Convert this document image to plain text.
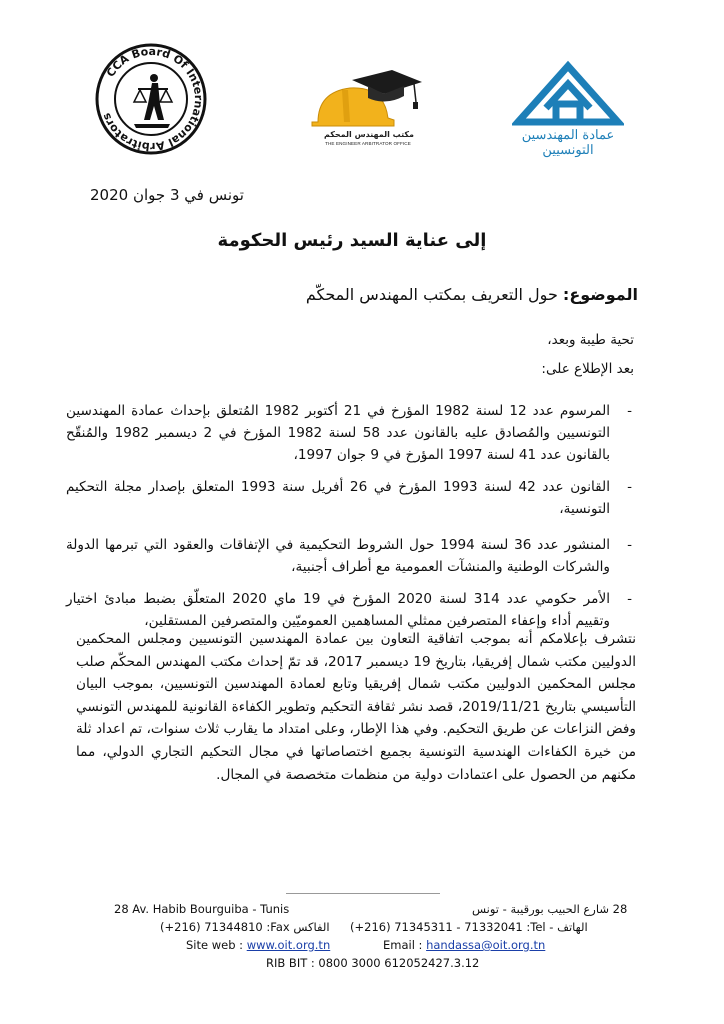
CCA Board Of International Arbitrators
مكتب المهندس المحكم
THE ENGINEER ARBITRATOR OFFICE
عمادة المهندسين التونسيين
تونس في 3 جوان 2020
إلى عناية السيد رئيس الحكومة
الموضوع: حول التعريف بمكتب المهندس المحكّم
تحية طيبة وبعد،
بعد الإطلاع على:
-
المرسوم عدد 12 لسنة 1982 المؤرخ في 21 أكتوبر 1982 المُتعلق بإحداث عمادة المهندسين التونسيين والمُصادق عليه بالقانون عدد 58 لسنة 1982 المؤرخ في 2 ديسمبر 1982 والمُنقّح بالقانون عدد 41 لسنة 1997 المؤرخ في 9 جوان 1997،
-
القانون عدد 42 لسنة 1993 المؤرخ في 26 أفريل سنة 1993 المتعلق بإصدار مجلة التحكيم التونسية،
-
المنشور عدد 36 لسنة 1994 حول الشروط التحكيمية في الإتفاقات والعقود التي تبرمها الدولة والشركات الوطنية والمنشآت العمومية مع أطراف أجنبية،
-
الأمر حكومي عدد 314 لسنة 2020 المؤرخ في 19 ماي 2020 المتعلّق بضبط مبادئ اختيار وتقييم أداء وإعفاء المتصرفين ممثلي المساهمين العموميّين والمتصرفين المستقلين،
نتشرف بإعلامكم أنه بموجب اتفاقية التعاون بين عمادة المهندسين التونسيين ومجلس المحكمين الدوليين مكتب شمال إفريقيا، بتاريخ 19 ديسمبر 2017، قد تمّ إحداث مكتب المهندس المحكّم صلب مجلس المحكمين الدوليين مكتب شمال إفريقيا وتابع لعمادة المهندسين التونسيين، بموجب البيان التأسيسي بتاريخ 2019/11/21، قصد نشر ثقافة التحكيم وتطوير الكفاءة القانونية للمهندس التونسي وفض النزاعات عن طريق التحكيم. وفي هذا الإطار، وعلى امتداد ما يقارب ثلاث سنوات، تم اعداد ثلة من خيرة الكفاءات الهندسية التونسية بجميع اختصاصاتها في مجال التحكيم التجاري الدولي، مما مكنهم من الحصول على اعتمادات دولية من منظمات متخصصة في المجال.
28 Av. Habib Bourguiba - Tunis	28 شارع الحبيب بورقيبة - تونس
(+216) 71344810 :Fax الفاكس (+216) 71345311 - 71332041 :Tel - الهاتف
Site web : www.oit.org.tn	Email : handassa@oit.org.tn
RIB BIT : 0800 3000 612052427.3.12
